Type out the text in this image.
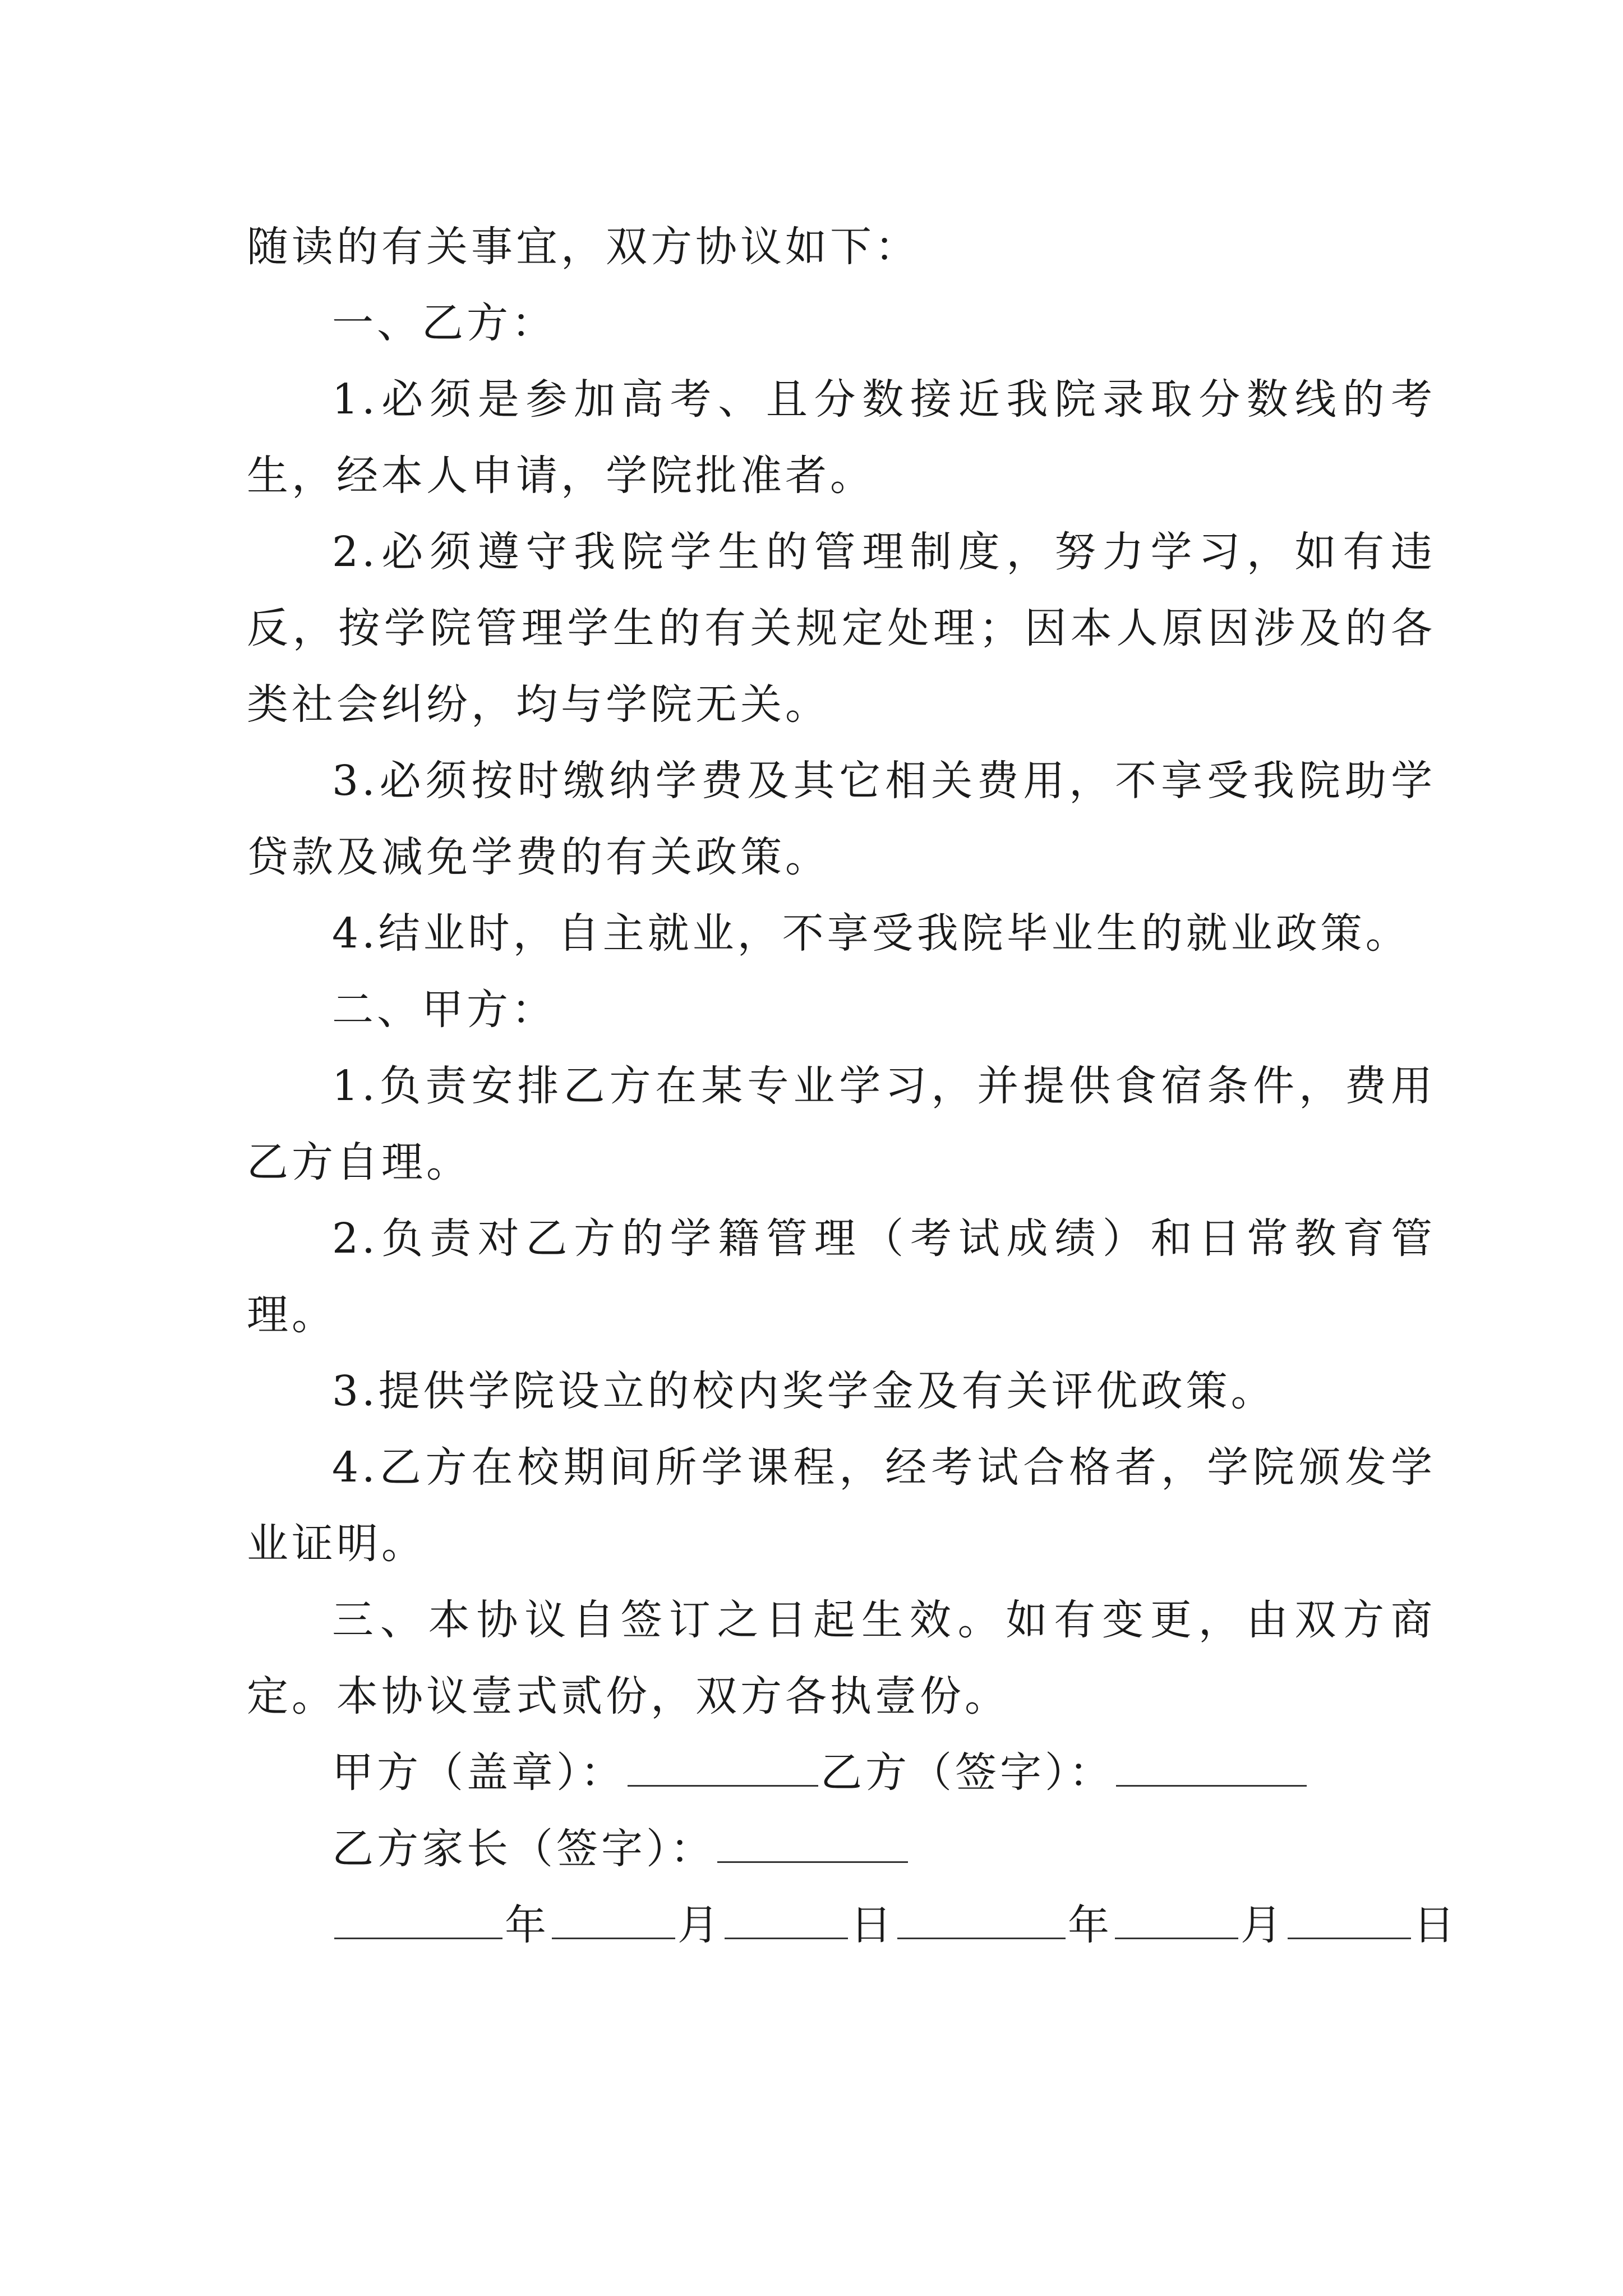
随读的有关事宜，双方协议如下：

一、乙方：

1.必须是参加高考、且分数接近我院录取分数线的考生，经本人申请，学院批准者。

2.必须遵守我院学生的管理制度，努力学习，如有违反，按学院管理学生的有关规定处理；因本人原因涉及的各类社会纠纷，均与学院无关。

3.必须按时缴纳学费及其它相关费用，不享受我院助学贷款及减免学费的有关政策。

4.结业时，自主就业，不享受我院毕业生的就业政策。

二、甲方：

1.负责安排乙方在某专业学习，并提供食宿条件，费用乙方自理。

2.负责对乙方的学籍管理（考试成绩）和日常教育管理。

3.提供学院设立的校内奖学金及有关评优政策。

4.乙方在校期间所学课程，经考试合格者，学院颁发学业证明。

三、本协议自签订之日起生效。如有变更，由双方商定。本协议壹式贰份，双方各执壹份。

甲方（盖章）：	乙方（签字）：

乙方家长（签字）：

年	月	日	年	月	日
